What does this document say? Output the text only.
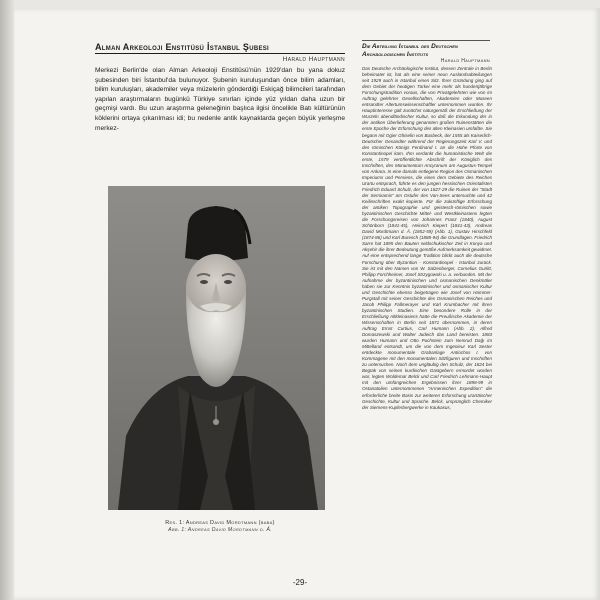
Alman Arkeoloji Enstitüsü İstanbul Şubesi
Harald Hauptmann
Merkezi Berlin'de olan Alman Arkeoloji Enstitüsü'nün 1929'dan bu yana dokuz şubesinden biri İstanbul'da bulunuyor. Şubenin kuruluşundan önce bilim adamları, bilim kuruluşları, akademiler veya müzelerin gönderdiği Eskiçağ bilimcileri tarafından yapılan araştırmaların bugünkü Türkiye sınırları içinde yüz yıldan daha uzun bir geçmişi vardı. Bu uzun araştırma geleneğinin başlıca ilgisi öncelikle Batı kültürünün köklerini ortaya çıkarılması idi; bu nedenle antik kaynaklarda geçen büyük yerleşme merkez-
Res. 1: Andreas David Mordtmann (baba)
Abb. 1: Andreas David Mordtmann d. Ä.
Die Abteilung Istanbul des Deutschen Archäologischen Instituts
Harald Hauptmann
Das Deutsche Archäologische Institut, dessen Zentrale in Berlin beheimatet ist, hat als eine seiner neun Auslandsabteilungen seit 1929 auch in Istanbul einen Sitz. Ihrer Gründung ging auf dem Gebiet der heutigen Türkei eine mehr als hundertjährige Forschungstradition voraus, die von Privatgelehrten wie von im Auftrag gelehrter Gesellschaften, Akademien oder Museen entsandter Altertumswissenschaftler unternommen wurden. Ihr Hauptinteresse galt zunächst naturgemäß der Erschließung der Wurzeln abendländischer Kultur, so daß die Erkundung der in der antiken Überlieferung genannten großen Ruinenstätten die erste Epoche der Erforschung des alten Kleinasien umfaßte. Sie begann mit Ogier Ghiselin von Busbeck, der 1555 als Kaiserlich-Deutscher Gesandter während der Regierungszeit Karl V. und des römischen Königs Ferdinand I. an die Hohe Pforte von Konstantinopel kam. Ihm verdankt die humanistische Welt die erste, 1579 veröffentlichte Abschrift der Königlich des Inschriften, des Monumentum Ancyranum am Augustus-Tempel von Ankara. In eine damals entlegene Region des Osmanischen Imperiums und Persiens, die eines dem Gebiete des Reiches Urartu entsprach, führte es den jungen hessischen Orientalisten Friedrich Eduard Schulz, der von 1827-29 die Ruinen der "Stadt der Semiramis" am Ostufer des Van-Sees untersuchte und 42 Keilinschriften exakt kopierte. Für die zukünftige Erforschung der antiken Topographie und geistesch-römischen sowie byzantinischen Geschichte Mittel- und Westkleinasiens legten die Forschungsreisen von Johannes Franz (1840), August Schönborn (1841-45), Heinrich Kiepert (1841-43), Andreas David Mordtmann d. Ä. (1852-59) (Abb. 1), Gustav Hirschfeld (1874-86) und Karl Buresch (1888-94) die Grundlagen. Friedrich Sarre hat 1895 den Bauten seldschukischer Zeit in Konya und Akşehir die ihrer Bedeutung gemäße Aufmerksamkeit gewidmet. Auf eine entsprechend lange Tradition blickt auch die deutsche Forschung über Byzantion - Konstantinopel - Istanbul zurück. Sie ist mit den Namen von W. Salzenberger, Cornelius Gurlitt, Philipp Forchheimer, Josef Strzygowski u. a. verbunden. Mit der Aufnahme der byzantinischen und osmanischen Denkmäler haben sie zur Kenntnis byzantinischer und osmanischer Kultur und Geschichte ebenso beigetragen wie Josef von Hammer-Purgstall mit seiner Geschichte des Osmanischen Reiches und Jacob Philipp Fallmerayer und Karl Krumbacher mit ihren byzantinischen Studien. Eine besondere Rolle in der Erschließung Altkleinasiens hatte die Preußische Akademie der Wissenschaften in Berlin seit 1871 übernommen, in deren Auftrag Ernst Curtius, Carl Humann (Abb. 2), Alfred Domaszewski und Walter Judeich das Land bereisten. 1883 wurden Humann und Otto Puchstein zum Nemrud Dağı im Mittelland entsandt, um die von dem Ingenieur Karl Sester entdeckte monumentale Grabanlage Antiochos I. von Kommagene mit den monumentalen Sitzfiguren und Inschriften zu untersuchen. Noch dem ungläubig den Schulz, der 1824 bei Begtak von seinen kurdischen Gastgebern ermordet worden war, legten Woldemar Belck und Carl Friedrich Lehmann-Haupt mit den umfangreichen Ergebnissen ihrer 1898-99 in Ostanatolien unternommenen "Armenischen Expedition" die erforderliche breite Basis zur weiteren Erforschung urartäischer Geschichte, Kultur und Sprache. Belck, ursprünglich Chemiker der Siemens-Kupferbergwerke in Kaukasus,
-29-
